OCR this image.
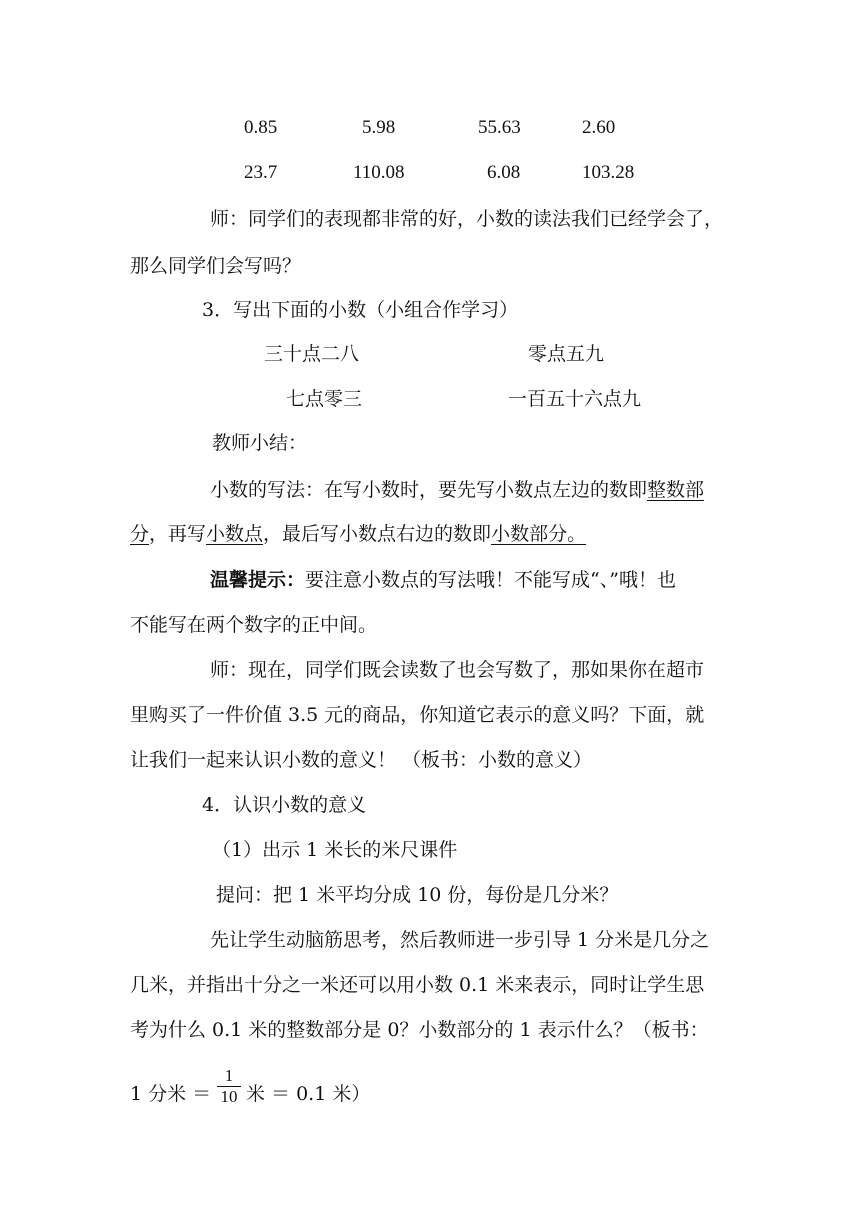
0.85	5.98	55.63	2.60
23.7	110.08	6.08	103.28
师：同学们的表现都非常的好，小数的读法我们已经学会了，
那么同学们会写吗？
3．写出下面的小数（小组合作学习）
三十点二八	零点五九
七点零三	一百五十六点九
教师小结：
小数的写法：在写小数时，要先写小数点左边的数即整数部
分，再写小数点，最后写小数点右边的数即小数部分。
温馨提示：要注意小数点的写法哦！不能写成“、”哦！也
不能写在两个数字的正中间。
师：现在，同学们既会读数了也会写数了，那如果你在超市
里购买了一件价值 3.5 元的商品，你知道它表示的意义吗？下面，就
让我们一起来认识小数的意义！ （板书：小数的意义）
4．认识小数的意义
（1）出示 1 米长的米尺课件
提问：把 1 米平均分成 10 份，每份是几分米？
先让学生动脑筋思考，然后教师进一步引导 1 分米是几分之
几米，并指出十分之一米还可以用小数 0.1 米来表示，同时让学生思
考为什么 0.1 米的整数部分是 0？小数部分的 1 表示什么？（板书：
1 分米 ＝
1
10 米 ＝ 0.1 米）
